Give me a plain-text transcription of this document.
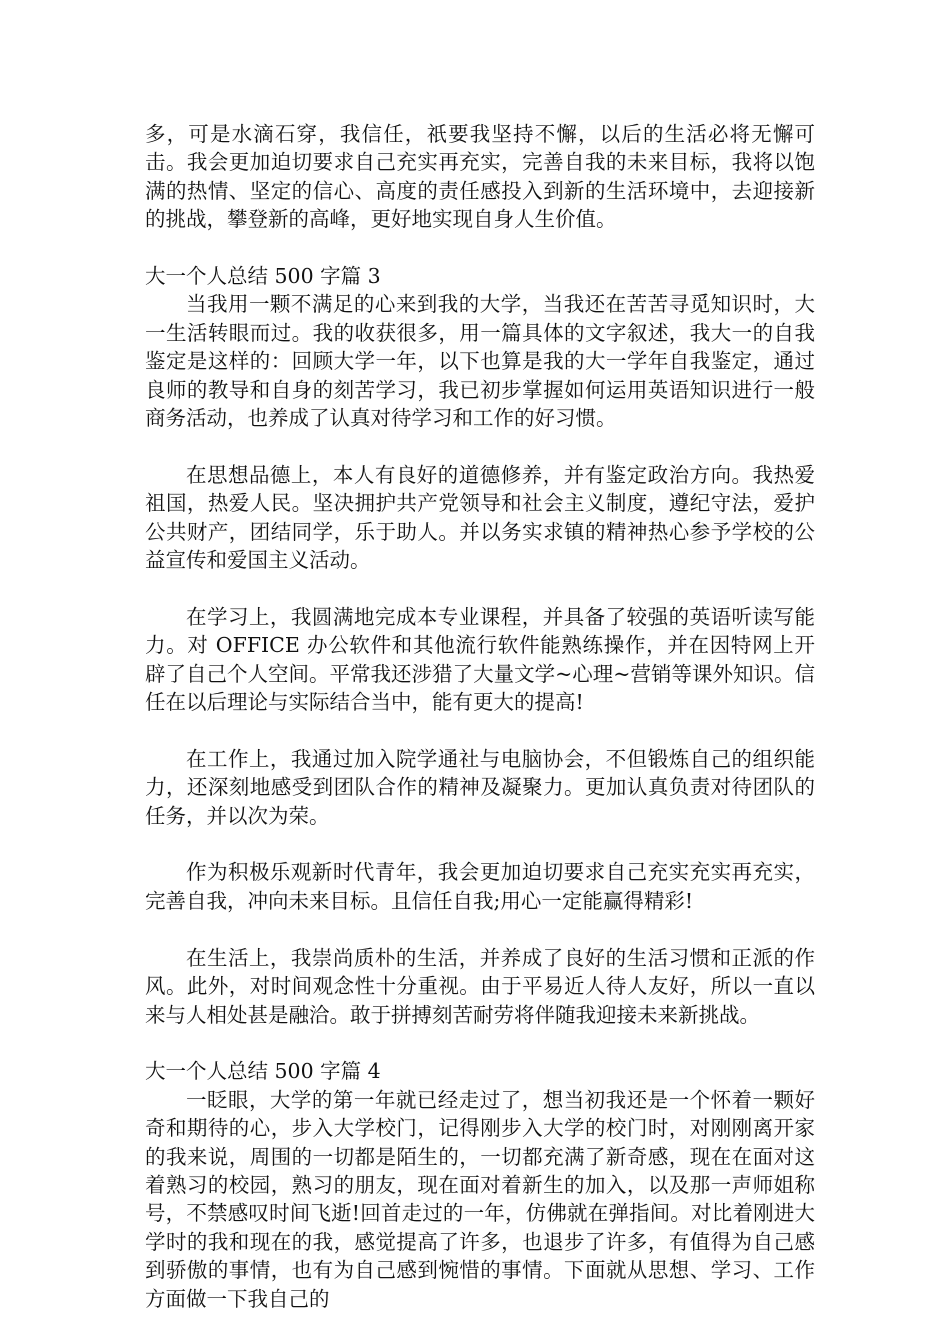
多，可是水滴石穿，我信任，祇要我坚持不懈，以后的生活必将无懈可击。我会更加迫切要求自己充实再充实，完善自我的未来目标，我将以饱满的热情、坚定的信心、高度的责任感投入到新的生活环境中，去迎接新的挑战，攀登新的高峰，更好地实现自身人生价值。

大一个人总结 500 字篇 3

当我用一颗不满足的心来到我的大学，当我还在苦苦寻觅知识时，大一生活转眼而过。我的收获很多，用一篇具体的文字叙述，我大一的自我鉴定是这样的：回顾大学一年，以下也算是我的大一学年自我鉴定，通过良师的教导和自身的刻苦学习，我已初步掌握如何运用英语知识进行一般商务活动，也养成了认真对待学习和工作的好习惯。

在思想品德上，本人有良好的道德修养，并有鉴定政治方向。我热爱祖国，热爱人民。坚决拥护共产党领导和社会主义制度，遵纪守法，爱护公共财产，团结同学，乐于助人。并以务实求镇的精神热心参予学校的公益宣传和爱国主义活动。

在学习上，我圆满地完成本专业课程，并具备了较强的英语听读写能力。对 OFFICE 办公软件和其他流行软件能熟练操作，并在因特网上开辟了自己个人空间。平常我还涉猎了大量文学~心理~营销等课外知识。信任在以后理论与实际结合当中，能有更大的提高!

在工作上，我通过加入院学通社与电脑协会，不但锻炼自己的组织能力，还深刻地感受到团队合作的精神及凝聚力。更加认真负责对待团队的任务，并以次为荣。

作为积极乐观新时代青年，我会更加迫切要求自己充实充实再充实，完善自我，冲向未来目标。且信任自我;用心一定能赢得精彩!

在生活上，我崇尚质朴的生活，并养成了良好的生活习惯和正派的作风。此外，对时间观念性十分重视。由于平易近人待人友好，所以一直以来与人相处甚是融洽。敢于拼搏刻苦耐劳将伴随我迎接未来新挑战。

大一个人总结 500 字篇 4

一眨眼，大学的第一年就已经走过了，想当初我还是一个怀着一颗好奇和期待的心，步入大学校门，记得刚步入大学的校门时，对刚刚离开家的我来说，周围的一切都是陌生的，一切都充满了新奇感，现在在面对这着熟习的校园，熟习的朋友，现在面对着新生的加入，以及那一声师姐称号，不禁感叹时间飞逝!回首走过的一年，仿佛就在弹指间。对比着刚进大学时的我和现在的我，感觉提高了许多，也退步了许多，有值得为自己感到骄傲的事情，也有为自己感到惋惜的事情。下面就从思想、学习、工作方面做一下我自己的
